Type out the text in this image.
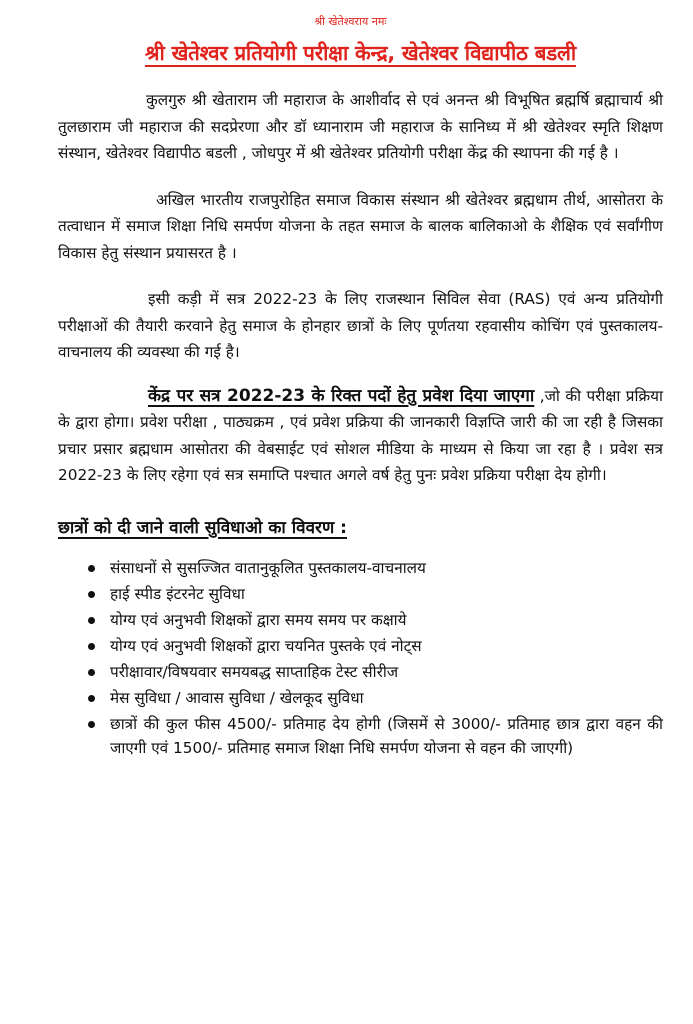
श्री खेतेश्वराय नमः
श्री खेतेश्वर प्रतियोगी परीक्षा केन्द्र, खेतेश्वर विद्यापीठ बडली

कुलगुरु श्री खेताराम जी महाराज के आशीर्वाद से एवं अनन्त श्री विभूषित ब्रह्मर्षि ब्रह्माचार्य श्री तुलछाराम जी महाराज की सदप्रेरणा और डॉ ध्यानाराम जी महाराज के सानिध्य में श्री खेतेश्वर स्मृति शिक्षण संस्थान, खेतेश्वर विद्यापीठ बडली , जोधपुर में श्री खेतेश्वर प्रतियोगी परीक्षा केंद्र की स्थापना की गई है ।

अखिल भारतीय राजपुरोहित समाज विकास संस्थान श्री खेतेश्वर ब्रह्मधाम तीर्थ, आसोतरा के तत्वाधान में समाज शिक्षा निधि समर्पण योजना के तहत समाज के बालक बालिकाओ के शैक्षिक एवं सर्वांगीण विकास हेतु संस्थान प्रयासरत है ।

इसी कड़ी में सत्र 2022-23 के लिए राजस्थान सिविल सेवा (RAS) एवं अन्य प्रतियोगी परीक्षाओं की तैयारी करवाने हेतु समाज के होनहार छात्रों के लिए पूर्णतया रहवासीय कोचिंग एवं पुस्तकालय-वाचनालय की व्यवस्था की गई है।

केंद्र पर सत्र 2022-23 के रिक्त पदों हेतु प्रवेश दिया जाएगा ,जो की परीक्षा प्रक्रिया के द्वारा होगा। प्रवेश परीक्षा , पाठ्यक्रम , एवं प्रवेश प्रक्रिया की जानकारी विज्ञप्ति जारी की जा रही है जिसका प्रचार प्रसार ब्रह्मधाम आसोतरा की वेबसाईट एवं सोशल मीडिया के माध्यम से किया जा रहा है । प्रवेश सत्र 2022-23 के लिए रहेगा एवं सत्र समाप्ति पश्चात अगले वर्ष हेतु पुनः प्रवेश प्रक्रिया परीक्षा देय होगी।

छात्रों को दी जाने वाली सुविधाओ का विवरण :
संसाधनों से सुसज्जित वातानुकूलित पुस्तकालय-वाचनालय
हाई स्पीड इंटरनेट सुविधा
योग्य एवं अनुभवी शिक्षकों द्वारा समय समय पर कक्षाये
योग्य एवं अनुभवी शिक्षकों द्वारा चयनित पुस्तके एवं नोट्स
परीक्षावार/विषयवार समयबद्ध साप्ताहिक टेस्ट सीरीज
मेस सुविधा / आवास सुविधा / खेलकूद सुविधा
छात्रों की कुल फीस 4500/- प्रतिमाह देय होगी (जिसमें से 3000/- प्रतिमाह छात्र द्वारा वहन की जाएगी एवं 1500/- प्रतिमाह समाज शिक्षा निधि समर्पण योजना से वहन की जाएगी)
